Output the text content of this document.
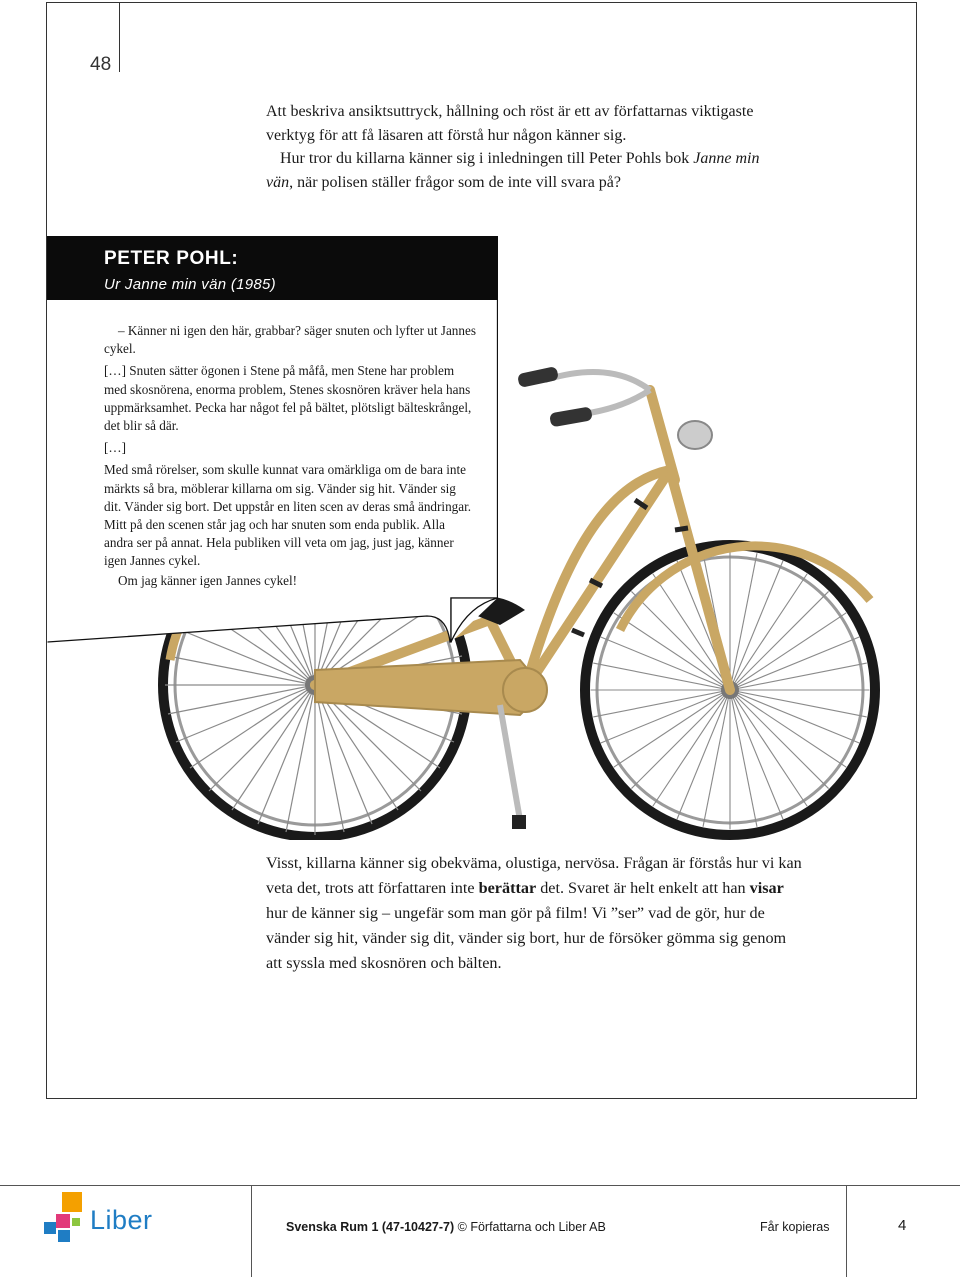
48

Att beskriva ansiktsuttryck, hållning och röst är ett av författarnas viktigaste verktyg för att få läsaren att förstå hur någon känner sig.

Hur tror du killarna känner sig i inledningen till Peter Pohls bok Janne min vän, när polisen ställer frågor som de inte vill svara på?

PETER POHL:
Ur Janne min vän (1985)

– Känner ni igen den här, grabbar? säger snuten och lyfter ut Jannes cykel.

[…] Snuten sätter ögonen i Stene på måfå, men Stene har problem med skosnörena, enorma problem, Stenes skosnören kräver hela hans uppmärksamhet. Pecka har något fel på bältet, plötsligt bälteskrångel, det blir så där.

[…]

Med små rörelser, som skulle kunnat vara omärkliga om de bara inte märkts så bra, möblerar killarna om sig. Vänder sig hit. Vänder sig dit. Vänder sig bort. Det uppstår en liten scen av deras små ändringar. Mitt på den scenen står jag och har snuten som enda publik. Alla andra ser på annat. Hela publiken vill veta om jag, just jag, känner igen Jannes cykel.

Om jag känner igen Jannes cykel!

Visst, killarna känner sig obekväma, olustiga, nervösa. Frågan är förstås hur vi kan veta det, trots att författaren inte berättar det. Svaret är helt enkelt att han visar hur de känner sig – ungefär som man gör på film! Vi ”ser” vad de gör, hur de vänder sig hit, vänder sig dit, vänder sig bort, hur de försöker gömma sig genom att syssla med skosnören och bälten.

Liber	Svenska Rum 1 (47-10427-7) © Författarna och Liber AB	Får kopieras	4
